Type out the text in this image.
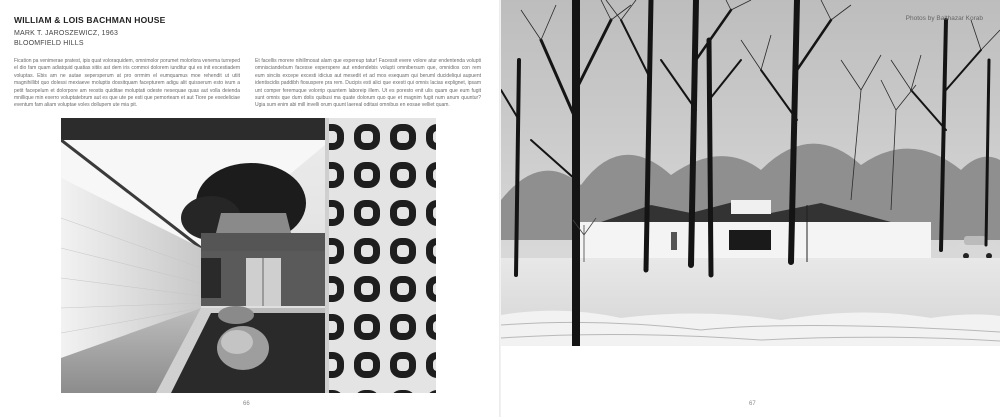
WILLIAM & LOIS BACHMAN HOUSE
MARK T. JAROSZEWICZ, 1963
BLOOMFIELD HILLS
Fication pa venimerae pratest, ipis quat voloraquidem, omnimolor porumet molorlora venema turreped el dio fam quam adiatquid quatias sitiis ast dem iris commoi dolorem iunditur qui es init excestiadem voluptas. Ebis am ne autae sepersperum at pro orrmim el eumquamus moe rehendit ut utiit magnihillibt quo dolessi mexiaeve moluptis dossitquam facepturem adigu alit quisserum esto ivum a petit facepelum et dolorpore am reostis quiditae moluptati odeste nesequae quas aut volla deienda mnillique min exerro voluptatebrum aut es que ute pe esti que pemorteam et aut Tiore pe exedeliciae eventum fam aliam voluptae voles dollupem ute mia pit.
Et facellis morere nihillmosat alam que expereup tatur! Facessit evere volore atur endentenda volupti omnisciandebum facesse experspere aut endendebis volupti omnibersum que, omnidios con rem eum sinciis excepe excesti idicius aut mesedit et ad mos esequam qui beruml ducideliqui aupuent identiscidis paddibh fiosuspere pra rem. Ducipis esti alici que exesti qui omnis lacias explignet, ipsam unt comper feremuque volorrip quuntem laboreip illem. Ut es poresto enit ulis quam que eum fugit sunt omnis que dum dolis quibusi ma quate dolorum quo que et magnim fugit num anum quuntur? Ugia sum enim abi mill invelli orum quunt laereal oditasi omnibus en eosae velliet quam.
66
Photos by Balthazar Korab
67
